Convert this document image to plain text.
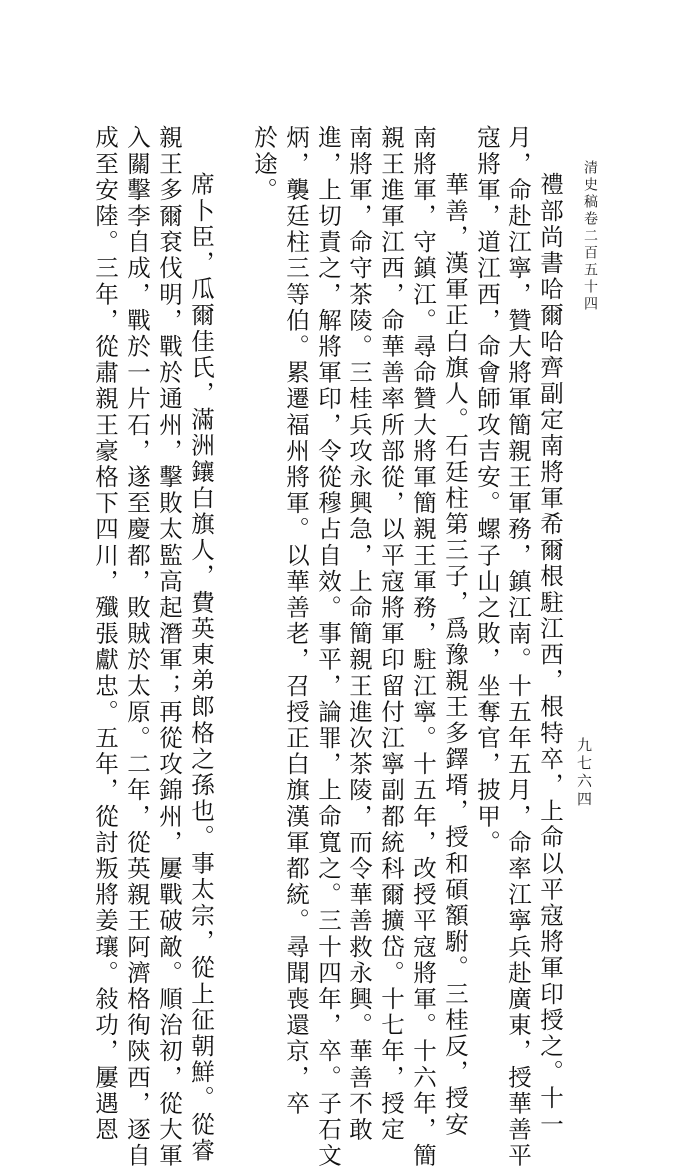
清史稿卷二百五十四
九七六四
禮部尚書哈爾哈齊副定南將軍希爾根駐江西，根特卒，上命以平寇將軍印授之。十一
月，命赴江寧，贊大將軍簡親王軍務，鎮江南。十五年五月，命率江寧兵赴廣東，授華善平
寇將軍，道江西，命會師攻吉安。螺子山之敗，坐奪官，披甲。
華善，漢軍正白旗人。石廷柱第三子，爲豫親王多鐸壻，授和碩額駙。三桂反，授安
南將軍，守鎮江。尋命贊大將軍簡親王軍務，駐江寧。十五年，改授平寇將軍。十六年，簡
親王進軍江西，命華善率所部從，以平寇將軍印留付江寧副都統科爾擴岱。十七年，授定
南將軍，命守茶陵。三桂兵攻永興急，上命簡親王進次茶陵，而令華善救永興。華善不敢
進，上切責之，解將軍印，令從穆占自效。事平，論罪，上命寬之。三十四年，卒。子石文
炳，襲廷柱三等伯。累遷福州將軍。以華善老，召授正白旗漢軍都統。尋聞喪還京，卒
於途。
席卜臣，瓜爾佳氏，滿洲鑲白旗人，費英東弟郎格之孫也。事太宗，從上征朝鮮。從睿
親王多爾袞伐明，戰於通州，擊敗太監高起潛軍；再從攻錦州，屢戰破敵。順治初，從大軍
入關擊李自成，戰於一片石，遂至慶都，敗賊於太原。二年，從英親王阿濟格徇陝西，逐自
成至安陸。三年，從肅親王豪格下四川，殲張獻忠。五年，從討叛將姜瓖。敍功，屢遇恩
